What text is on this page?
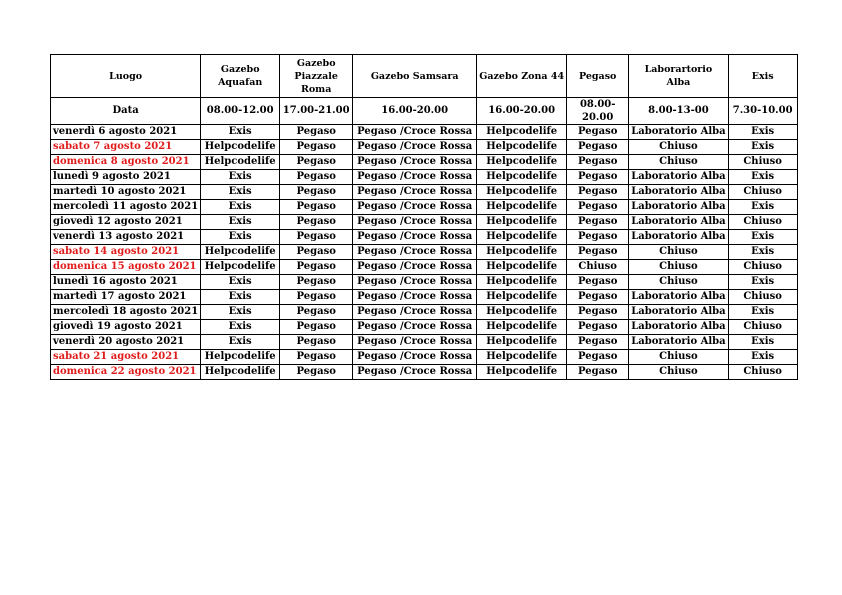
Luogo	Gazebo Aquafan	Gazebo Piazzale Roma	Gazebo Samsara	Gazebo Zona 44	Pegaso	Laborartorio Alba	Exis
Data	08.00-12.00	17.00-21.00	16.00-20.00	16.00-20.00	08.00-20.00	8.00-13-00	7.30-10.00
venerdì 6 agosto 2021	Exis	Pegaso	Pegaso /Croce Rossa	Helpcodelife	Pegaso	Laboratorio Alba	Exis
sabato 7 agosto 2021	Helpcodelife	Pegaso	Pegaso /Croce Rossa	Helpcodelife	Pegaso	Chiuso	Exis
domenica 8 agosto 2021	Helpcodelife	Pegaso	Pegaso /Croce Rossa	Helpcodelife	Pegaso	Chiuso	Chiuso
lunedì 9 agosto 2021	Exis	Pegaso	Pegaso /Croce Rossa	Helpcodelife	Pegaso	Laboratorio Alba	Exis
martedì 10 agosto 2021	Exis	Pegaso	Pegaso /Croce Rossa	Helpcodelife	Pegaso	Laboratorio Alba	Chiuso
mercoledì 11 agosto 2021	Exis	Pegaso	Pegaso /Croce Rossa	Helpcodelife	Pegaso	Laboratorio Alba	Exis
giovedì 12 agosto 2021	Exis	Pegaso	Pegaso /Croce Rossa	Helpcodelife	Pegaso	Laboratorio Alba	Chiuso
venerdì 13 agosto 2021	Exis	Pegaso	Pegaso /Croce Rossa	Helpcodelife	Pegaso	Laboratorio Alba	Exis
sabato 14 agosto 2021	Helpcodelife	Pegaso	Pegaso /Croce Rossa	Helpcodelife	Pegaso	Chiuso	Exis
domenica 15 agosto 2021	Helpcodelife	Pegaso	Pegaso /Croce Rossa	Helpcodelife	Chiuso	Chiuso	Chiuso
lunedì 16 agosto 2021	Exis	Pegaso	Pegaso /Croce Rossa	Helpcodelife	Pegaso	Chiuso	Exis
martedì 17 agosto 2021	Exis	Pegaso	Pegaso /Croce Rossa	Helpcodelife	Pegaso	Laboratorio Alba	Chiuso
mercoledì 18 agosto 2021	Exis	Pegaso	Pegaso /Croce Rossa	Helpcodelife	Pegaso	Laboratorio Alba	Exis
giovedì 19 agosto 2021	Exis	Pegaso	Pegaso /Croce Rossa	Helpcodelife	Pegaso	Laboratorio Alba	Chiuso
venerdì 20 agosto 2021	Exis	Pegaso	Pegaso /Croce Rossa	Helpcodelife	Pegaso	Laboratorio Alba	Exis
sabato 21 agosto 2021	Helpcodelife	Pegaso	Pegaso /Croce Rossa	Helpcodelife	Pegaso	Chiuso	Exis
domenica 22 agosto 2021	Helpcodelife	Pegaso	Pegaso /Croce Rossa	Helpcodelife	Pegaso	Chiuso	Chiuso
